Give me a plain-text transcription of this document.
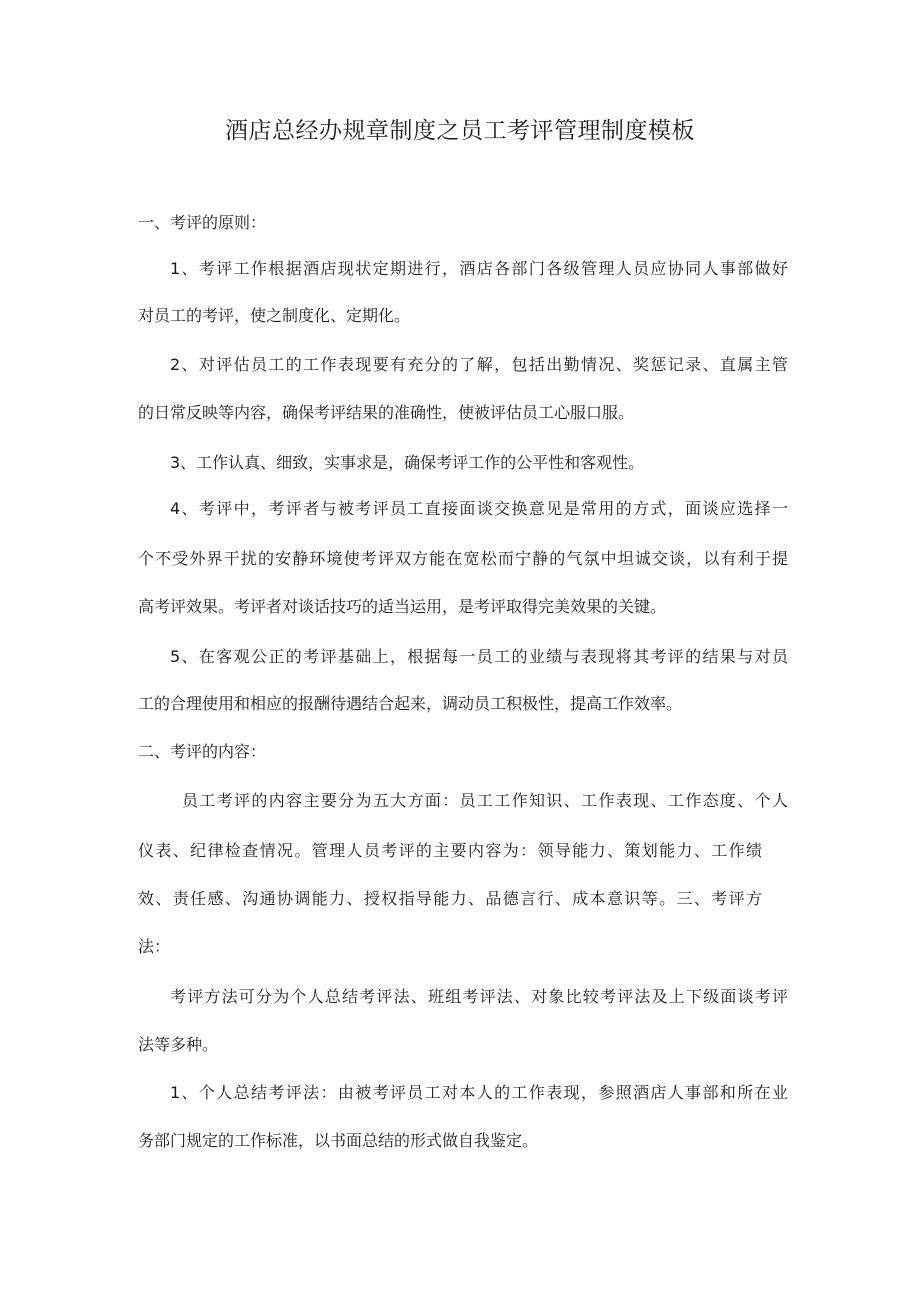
酒店总经办规章制度之员工考评管理制度模板
一、考评的原则：
1、考评工作根据酒店现状定期进行，酒店各部门各级管理人员应协同人事部做好
对员工的考评，使之制度化、定期化。
2、对评估员工的工作表现要有充分的了解，包括出勤情况、奖惩记录、直属主管
的日常反映等内容，确保考评结果的准确性，使被评估员工心服口服。
3、工作认真、细致，实事求是，确保考评工作的公平性和客观性。
4、考评中，考评者与被考评员工直接面谈交换意见是常用的方式，面谈应选择一
个不受外界干扰的安静环境使考评双方能在宽松而宁静的气氛中坦诚交谈，以有利于提
高考评效果。考评者对谈话技巧的适当运用，是考评取得完美效果的关键。
5、在客观公正的考评基础上，根据每一员工的业绩与表现将其考评的结果与对员
工的合理使用和相应的报酬待遇结合起来，调动员工积极性，提高工作效率。
二、考评的内容：
员工考评的内容主要分为五大方面：员工工作知识、工作表现、工作态度、个人
仪表、纪律检查情况。管理人员考评的主要内容为：领导能力、策划能力、工作绩
效、责任感、沟通协调能力、授权指导能力、品德言行、成本意识等。三、考评方
法：
考评方法可分为个人总结考评法、班组考评法、对象比较考评法及上下级面谈考评
法等多种。
1、个人总结考评法：由被考评员工对本人的工作表现，参照酒店人事部和所在业
务部门规定的工作标准，以书面总结的形式做自我鉴定。
